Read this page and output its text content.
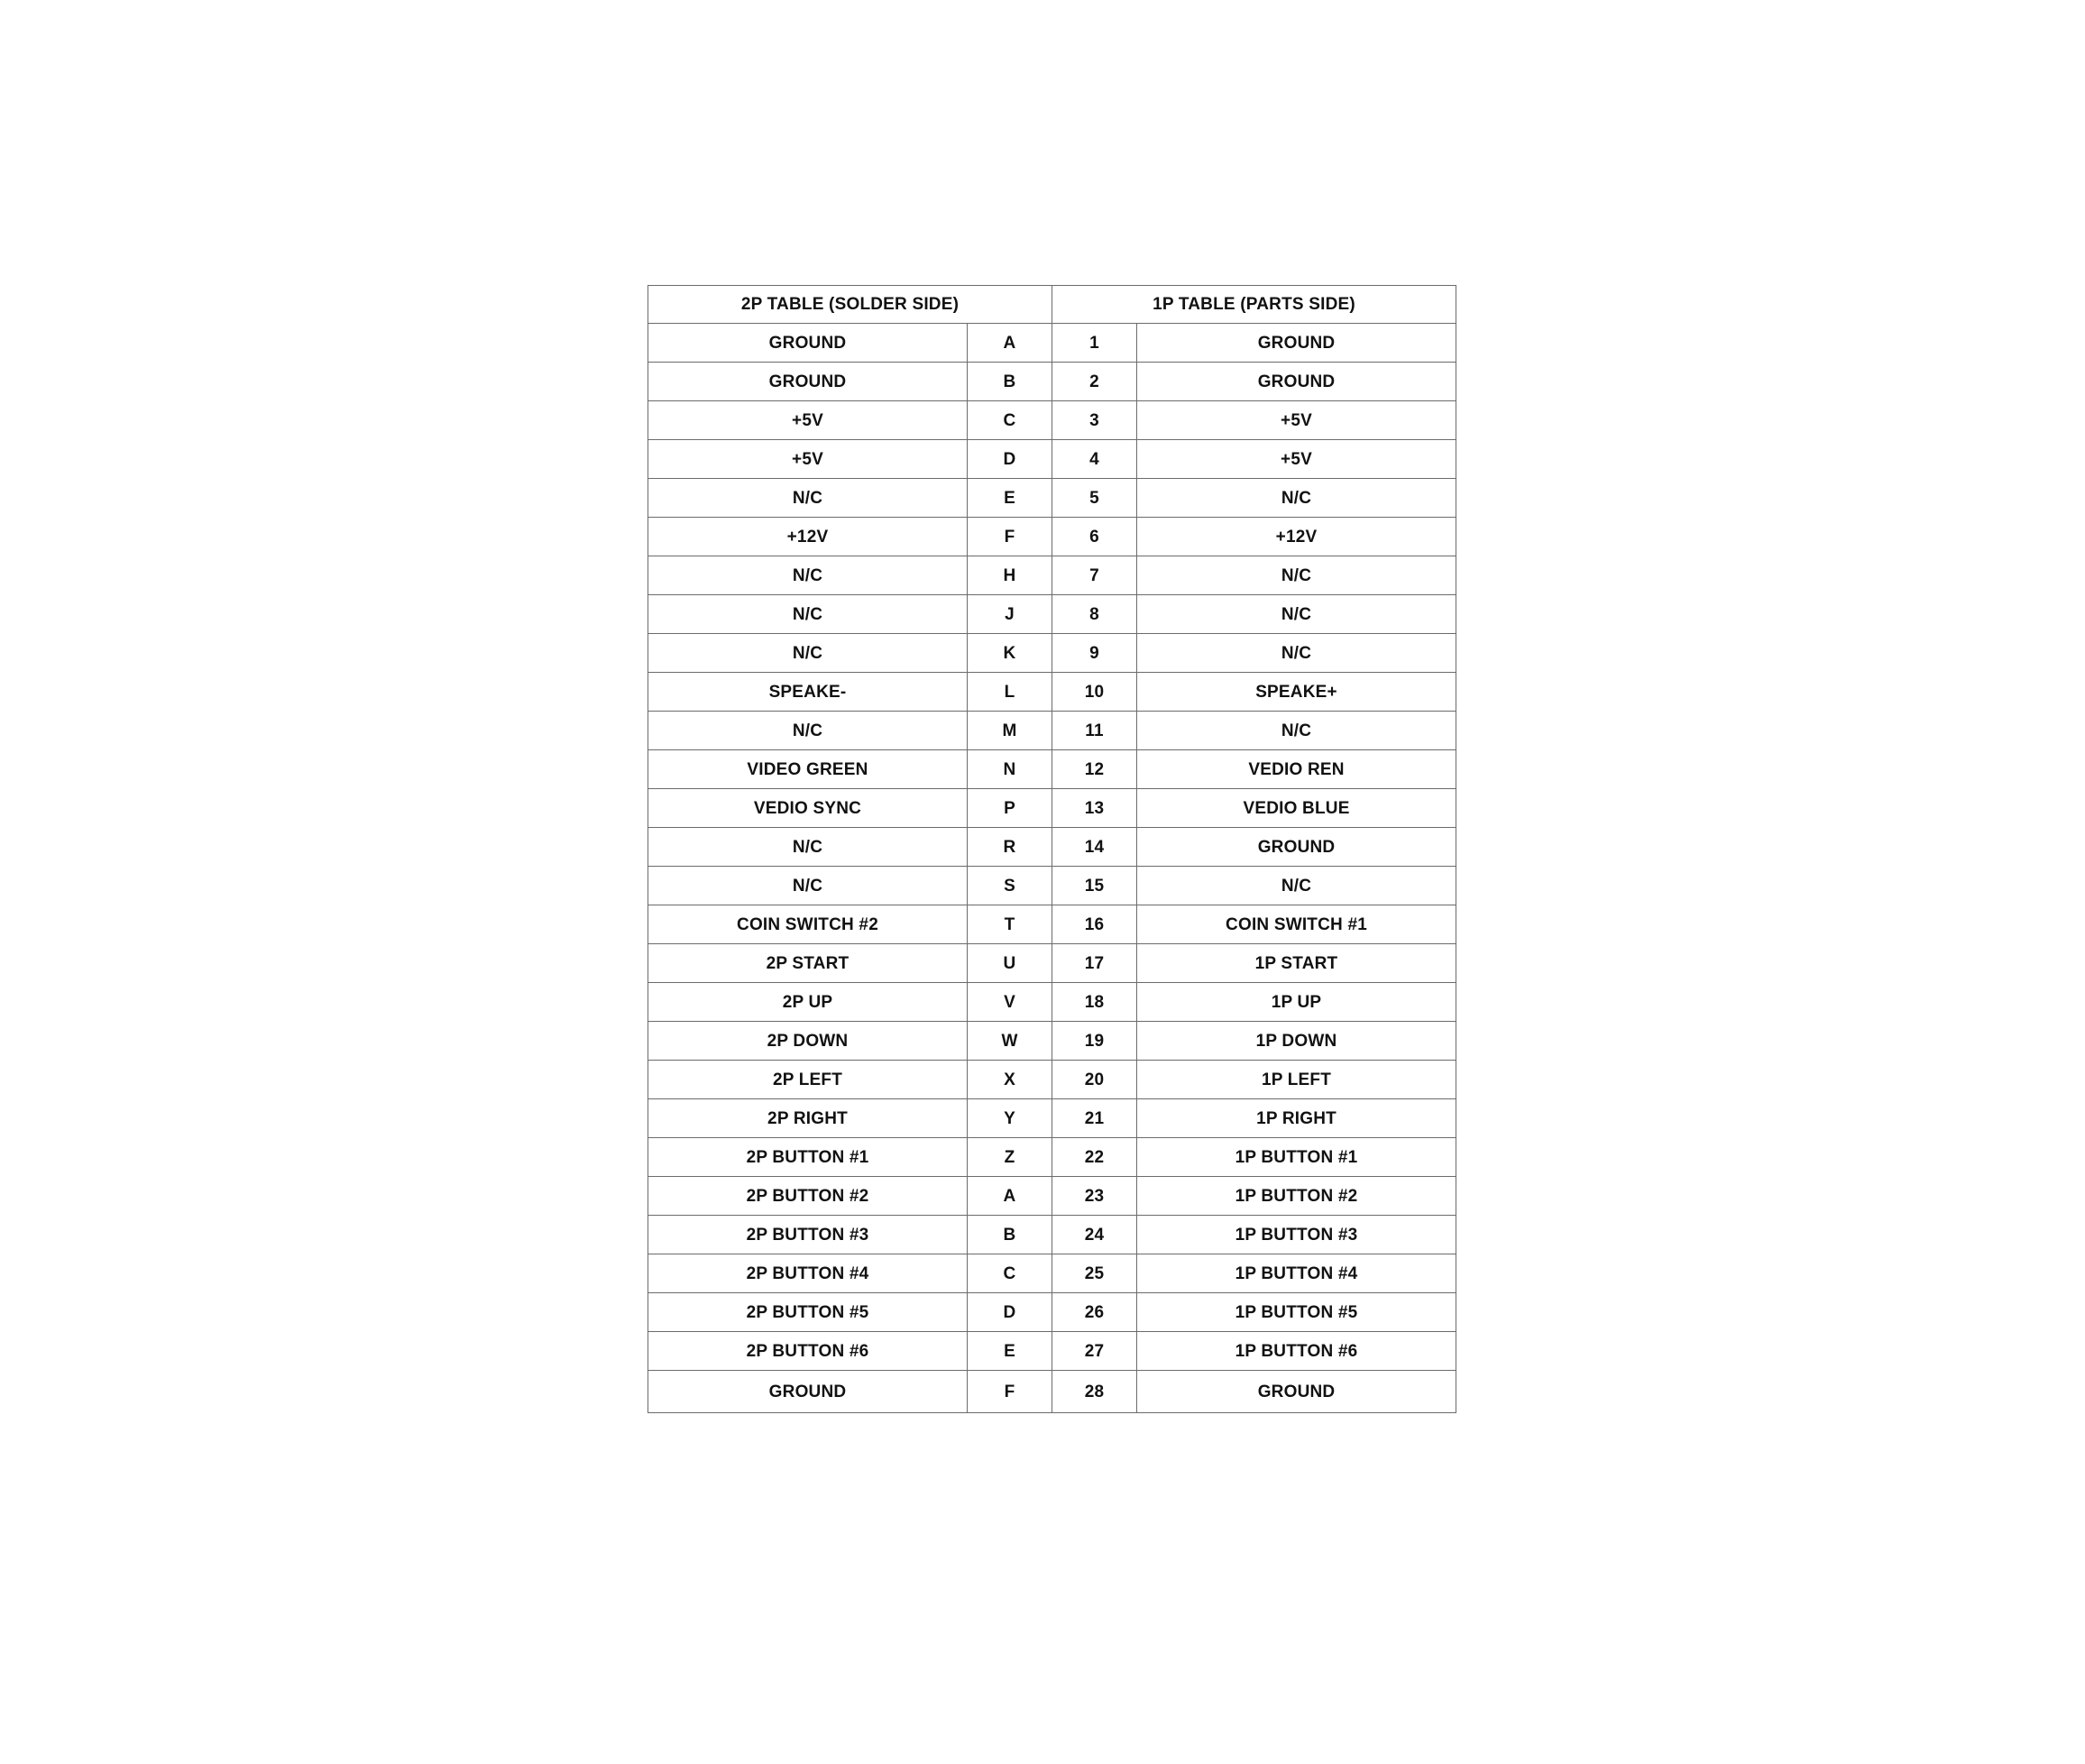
2P TABLE (SOLDER SIDE)		1P TABLE (PARTS SIDE)	
GROUND	A	1	GROUND
GROUND	B	2	GROUND
+5V	C	3	+5V
+5V	D	4	+5V
N/C	E	5	N/C
+12V	F	6	+12V
N/C	H	7	N/C
N/C	J	8	N/C
N/C	K	9	N/C
SPEAKE-	L	10	SPEAKE+
N/C	M	11	N/C
VIDEO GREEN	N	12	VEDIO REN
VEDIO SYNC	P	13	VEDIO BLUE
N/C	R	14	GROUND
N/C	S	15	N/C
COIN SWITCH #2	T	16	COIN SWITCH #1
2P START	U	17	1P START
2P UP	V	18	1P UP
2P DOWN	W	19	1P DOWN
2P LEFT	X	20	1P LEFT
2P RIGHT	Y	21	1P RIGHT
2P BUTTON #1	Z	22	1P BUTTON #1
2P BUTTON #2	A	23	1P BUTTON #2
2P BUTTON #3	B	24	1P BUTTON #3
2P BUTTON #4	C	25	1P BUTTON #4
2P BUTTON #5	D	26	1P BUTTON #5
2P BUTTON #6	E	27	1P BUTTON #6
GROUND	F	28	GROUND
